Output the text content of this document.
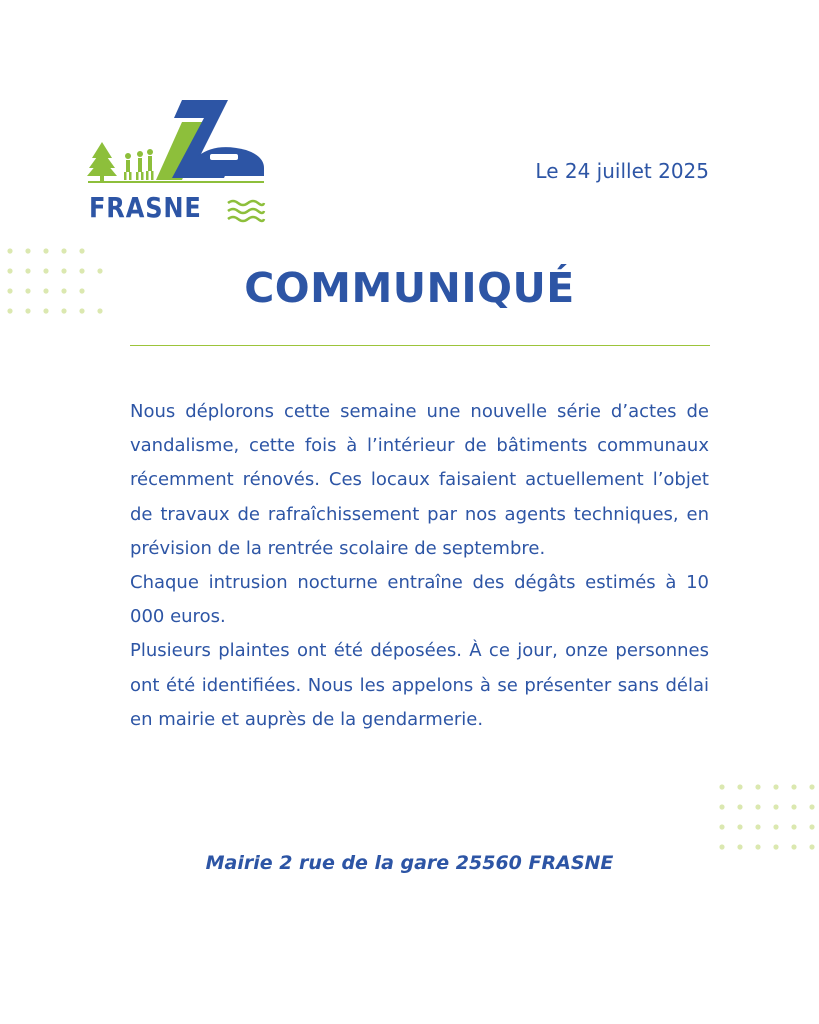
FRASNE
Le 24 juillet 2025
COMMUNIQUÉ

Nous déplorons cette semaine une nouvelle série d’actes de vandalisme, cette fois à l’intérieur de bâtiments communaux récemment rénovés. Ces locaux faisaient actuellement l’objet de travaux de rafraîchissement par nos agents techniques, en prévision de la rentrée scolaire de septembre.

Chaque intrusion nocturne entraîne des dégâts estimés à 10 000 euros.

Plusieurs plaintes ont été déposées. À ce jour, onze personnes ont été identifiées. Nous les appelons à se présenter sans délai en mairie et auprès de la gendarmerie.

Mairie 2 rue de la gare 25560 FRASNE
